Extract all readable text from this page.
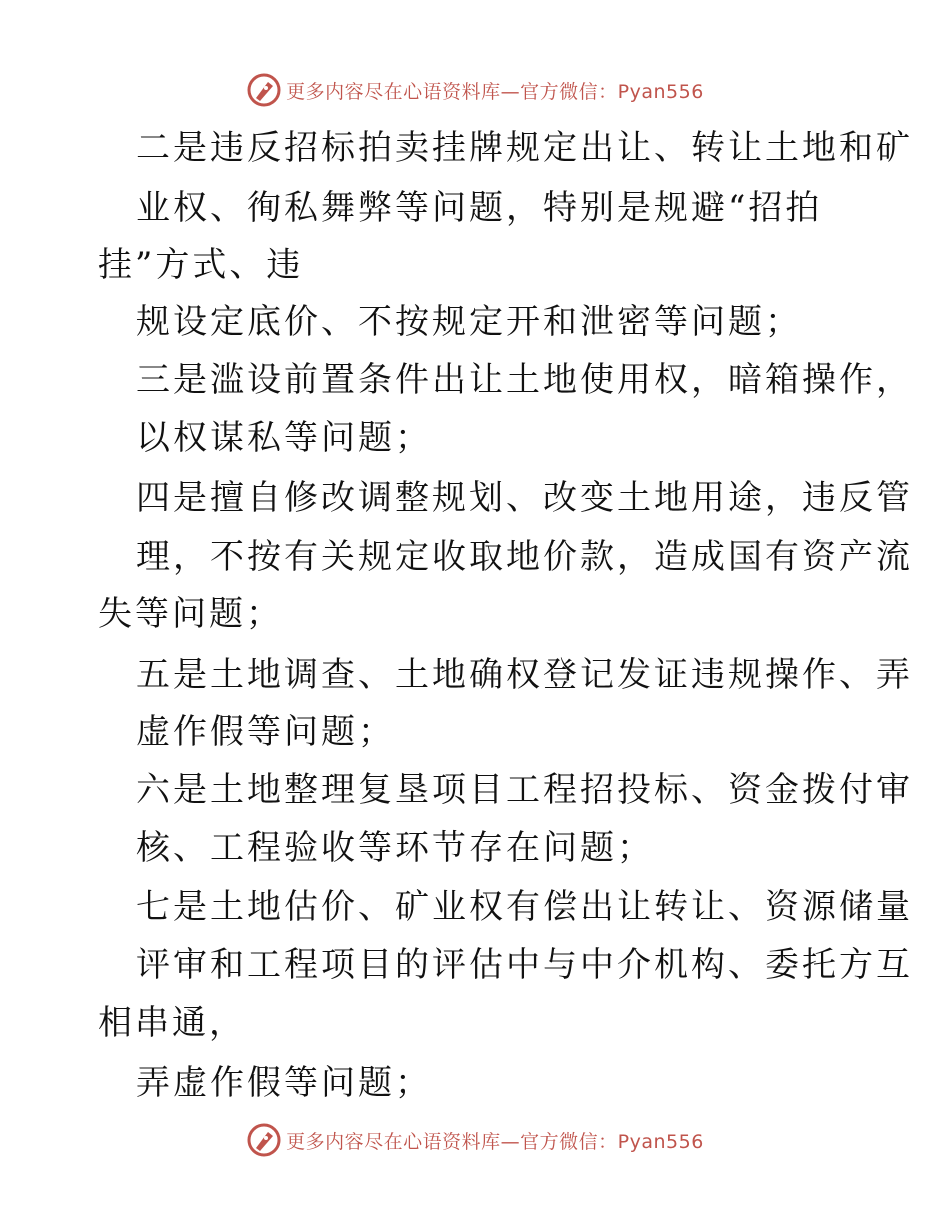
更多内容尽在心语资料库—官方微信：Pyan556
二是违反招标拍卖挂牌规定出让、转让土地和矿
业权、徇私舞弊等问题，特别是规避“招拍
挂”方式、违
规设定底价、不按规定开和泄密等问题；
三是滥设前置条件出让土地使用权，暗箱操作，
以权谋私等问题；
四是擅自修改调整规划、改变土地用途，违反管
理，不按有关规定收取地价款，造成国有资产流
失等问题；
五是土地调查、土地确权登记发证违规操作、弄
虚作假等问题；
六是土地整理复垦项目工程招投标、资金拨付审
核、工程验收等环节存在问题；
七是土地估价、矿业权有偿出让转让、资源储量
评审和工程项目的评估中与中介机构、委托方互
相串通，
弄虚作假等问题；
更多内容尽在心语资料库—官方微信：Pyan556
